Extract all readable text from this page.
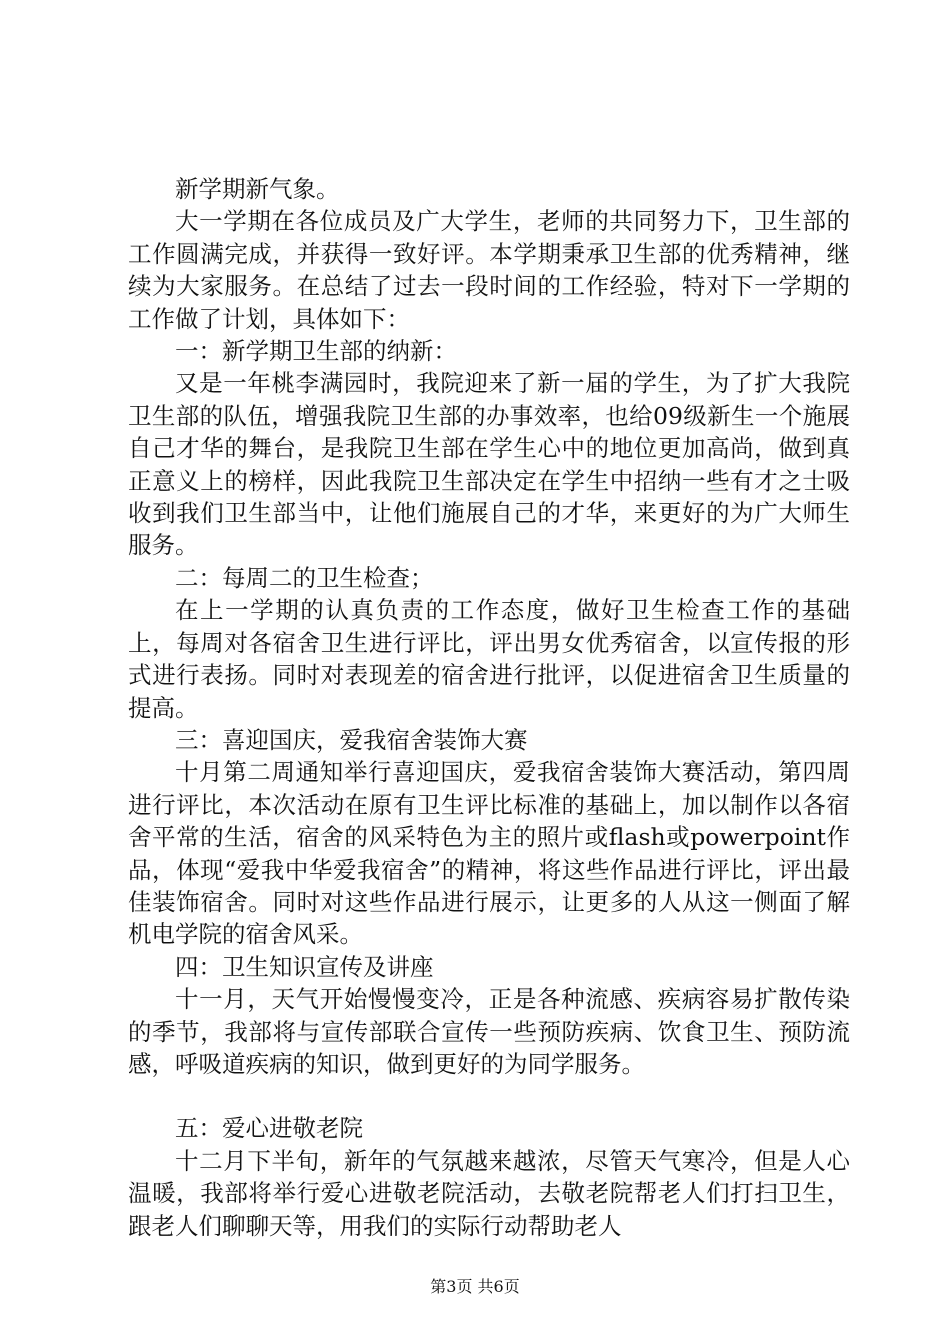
新学期新气象。

大一学期在各位成员及广大学生，老师的共同努力下，卫生部的工作圆满完成，并获得一致好评。本学期秉承卫生部的优秀精神，继续为大家服务。在总结了过去一段时间的工作经验，特对下一学期的工作做了计划，具体如下：

一：新学期卫生部的纳新：

又是一年桃李满园时，我院迎来了新一届的学生，为了扩大我院卫生部的队伍，增强我院卫生部的办事效率，也给09级新生一个施展自己才华的舞台，是我院卫生部在学生心中的地位更加高尚，做到真正意义上的榜样，因此我院卫生部决定在学生中招纳一些有才之士吸收到我们卫生部当中，让他们施展自己的才华，来更好的为广大师生服务。

二：每周二的卫生检查；

在上一学期的认真负责的工作态度，做好卫生检查工作的基础上，每周对各宿舍卫生进行评比，评出男女优秀宿舍，以宣传报的形式进行表扬。同时对表现差的宿舍进行批评，以促进宿舍卫生质量的提高。

三：喜迎国庆，爱我宿舍装饰大赛

十月第二周通知举行喜迎国庆，爱我宿舍装饰大赛活动，第四周进行评比，本次活动在原有卫生评比标准的基础上，加以制作以各宿舍平常的生活，宿舍的风采特色为主的照片或flash或powerpoint作品，体现“爱我中华爱我宿舍”的精神，将这些作品进行评比，评出最佳装饰宿舍。同时对这些作品进行展示，让更多的人从这一侧面了解机电学院的宿舍风采。

四：卫生知识宣传及讲座

十一月，天气开始慢慢变冷，正是各种流感、疾病容易扩散传染的季节，我部将与宣传部联合宣传一些预防疾病、饮食卫生、预防流感，呼吸道疾病的知识，做到更好的为同学服务。

五：爱心进敬老院

十二月下半旬，新年的气氛越来越浓，尽管天气寒冷，但是人心温暖，我部将举行爱心进敬老院活动，去敬老院帮老人们打扫卫生，跟老人们聊聊天等，用我们的实际行动帮助老人

第3页 共6页
